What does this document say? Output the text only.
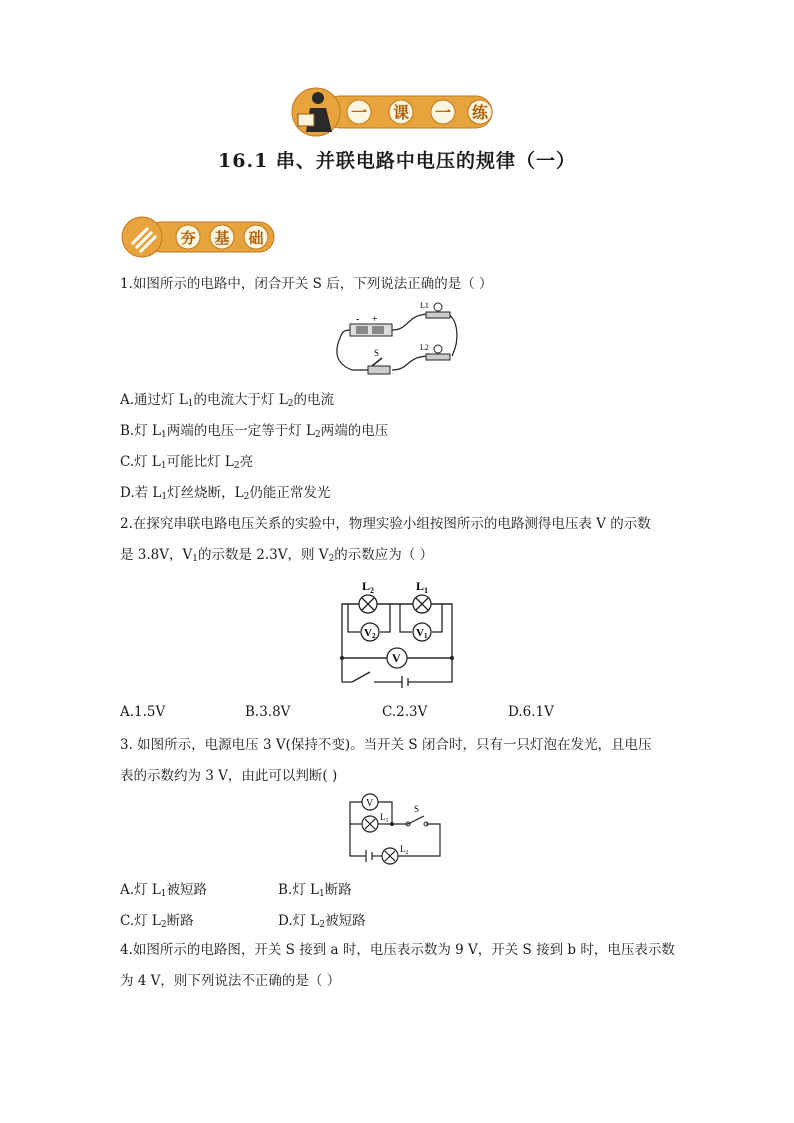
一 课 一 练
16.1 串、并联电路中电压的规律（一）
夯 基 础
1.如图所示的电路中，闭合开关 S 后，下列说法正确的是（ ）
- +
S
L1
L2
A.通过灯 $L_1$的电流大于灯 $L_2$的电流
B.灯 $L_1$两端的电压一定等于灯 $L_2$两端的电压
C.灯 $L_1$可能比灯 $L_2$亮
D.若 $L_1$灯丝烧断，$L_2$仍能正常发光
2.在探究串联电路电压关系的实验中，物理实验小组按图所示的电路测得电压表 V 的示数
是 3.8V，$V_1$的示数是 2.3V，则 $V_2$的示数应为（ ）
$L_2$	$L_1$
V2	V1
V
A.1.5V	B.3.8V	C.2.3V	D.6.1V
3. 如图所示，电源电压 3 V(保持不变)。当开关 S 闭合时，只有一只灯泡在发光，且电压
表的示数约为 3 V，由此可以判断( )
V
$L_1$
S
$L_2$
A.灯 $L_1$被短路	B.灯 $L_1$断路
C.灯 $L_2$断路	D.灯 $L_2$被短路
4.如图所示的电路图，开关 S 接到 a 时，电压表示数为 9 V，开关 S 接到 b 时，电压表示数
为 4 V，则下列说法不正确的是（ ）
